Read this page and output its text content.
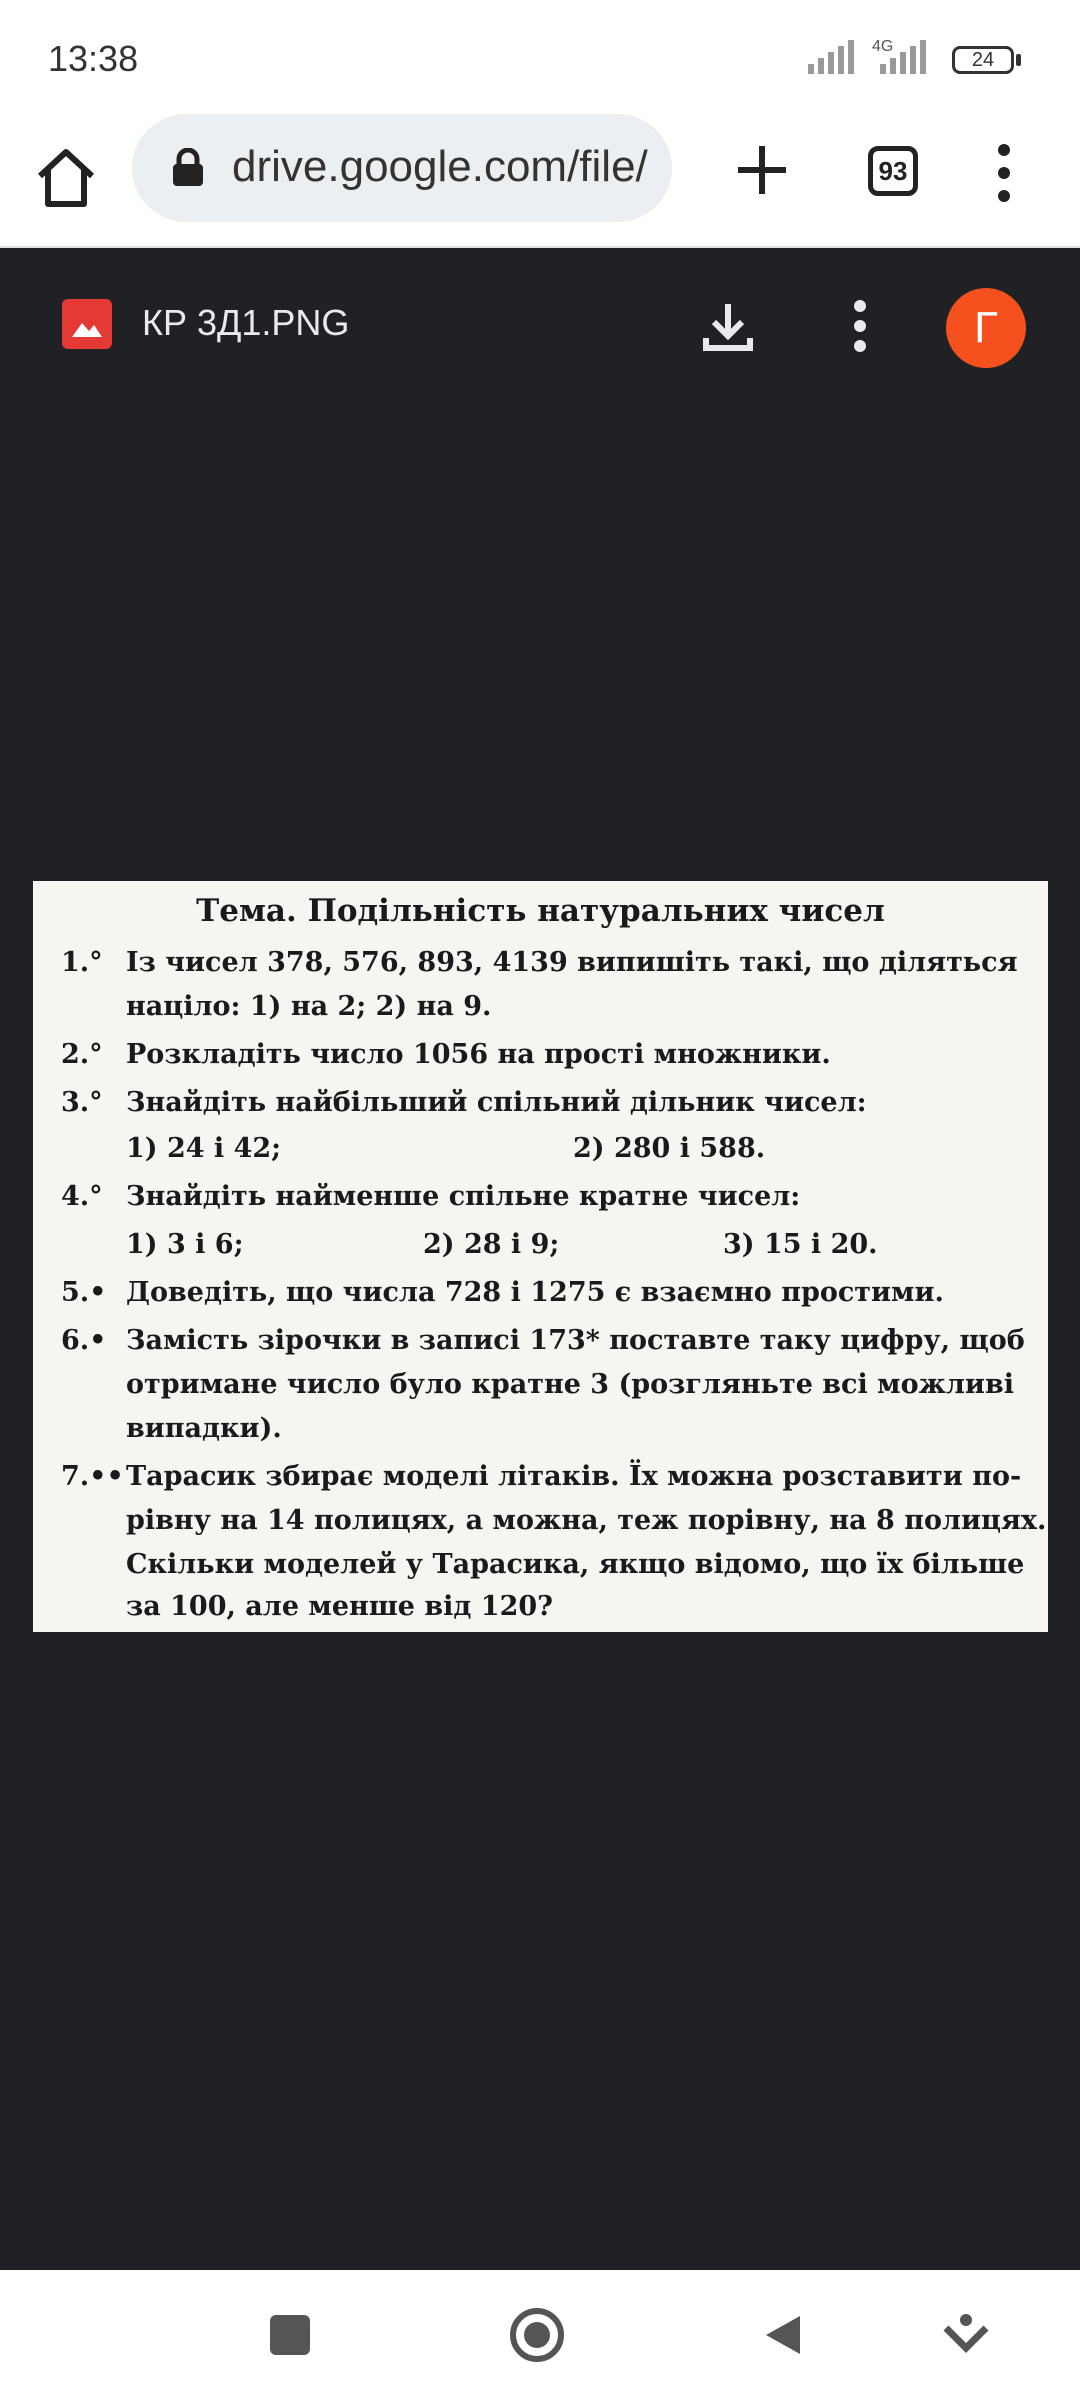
13:38	4G
24
drive.google.com/file/	93
КР 3Д1.PNG	Г
Тема. Подільність натуральних чисел
1.° Із чисел 378, 576, 893, 4139 випишіть такі, що діляться
націло: 1) на 2; 2) на 9.
2.° Розкладіть число 1056 на прості множники.
3.° Знайдіть найбільший спільний дільник чисел:
1) 24 і 42;	2) 280 і 588.
4.° Знайдіть найменше спільне кратне чисел:
1) 3 і 6;	2) 28 і 9;	3) 15 і 20.
5.• Доведіть, що числа 728 і 1275 є взаємно простими.
6.• Замість зірочки в записі 173* поставте таку цифру, щоб
отримане число було кратне 3 (розгляньте всі можливі
випадки).
7.•• Тарасик збирає моделі літаків. Їх можна розставити по-
рівну на 14 полицях, а можна, теж порівну, на 8 полицях.
Скільки моделей у Тарасика, якщо відомо, що їх більше
за 100, але менше від 120?
